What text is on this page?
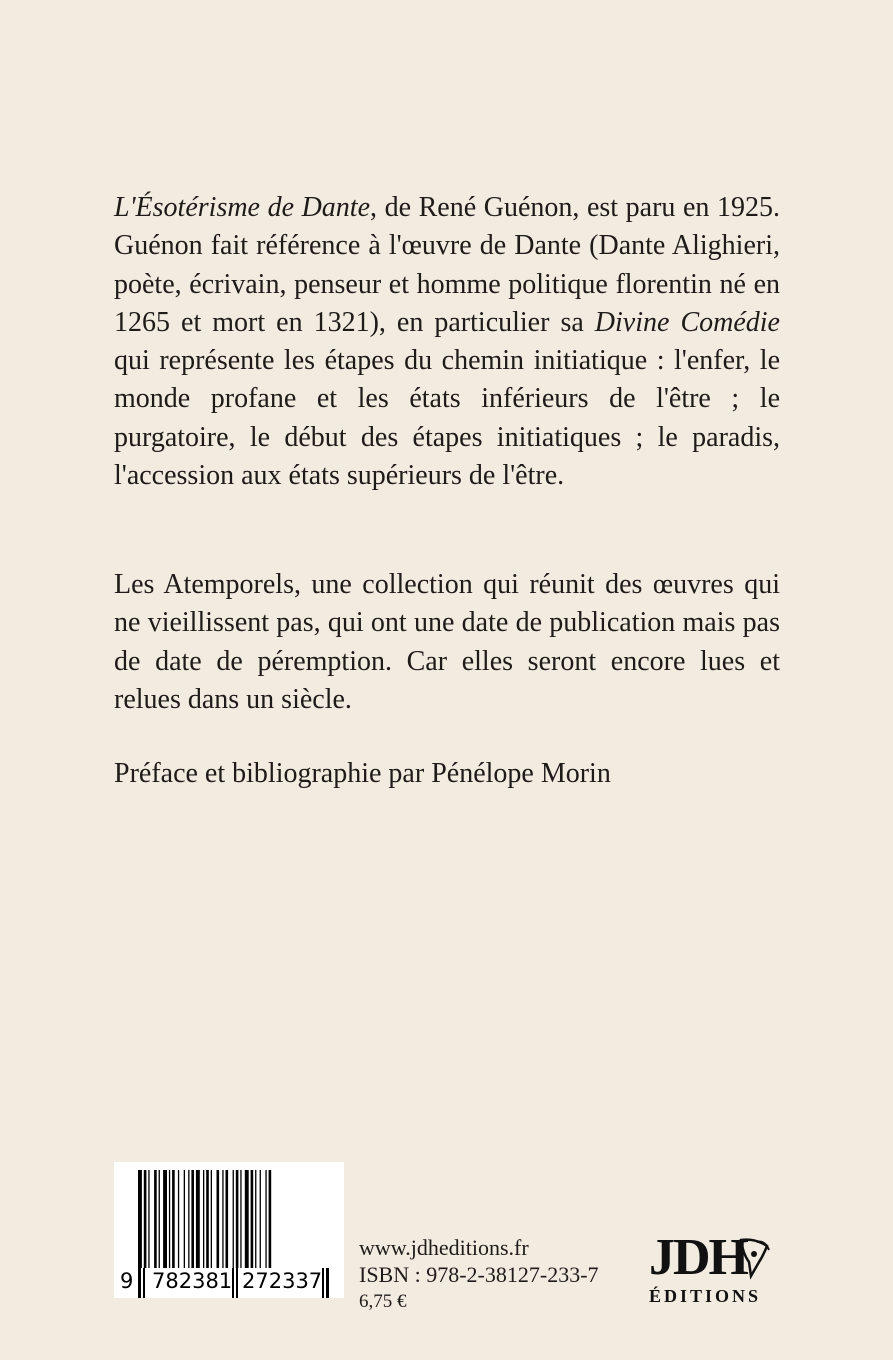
L'Ésotérisme de Dante, de René Guénon, est paru en 1925. Guénon fait référence à l'œuvre de Dante (Dante Alighieri, poète, écrivain, penseur et homme politique florentin né en 1265 et mort en 1321), en particulier sa Divine Comédie qui représente les étapes du chemin initiatique : l'enfer, le monde profane et les états inférieurs de l'être ; le purgatoire, le début des étapes initiatiques ; le paradis, l'accession aux états supérieurs de l'être.
Les Atemporels, une collection qui réunit des œuvres qui ne vieillissent pas, qui ont une date de publication mais pas de date de péremption. Car elles seront encore lues et relues dans un siècle.
Préface et bibliographie par Pénélope Morin
9 782381 272337
www.jdheditions.fr
ISBN : 978-2-38127-233-7
6,75 €
JDH
ÉDITIONS
